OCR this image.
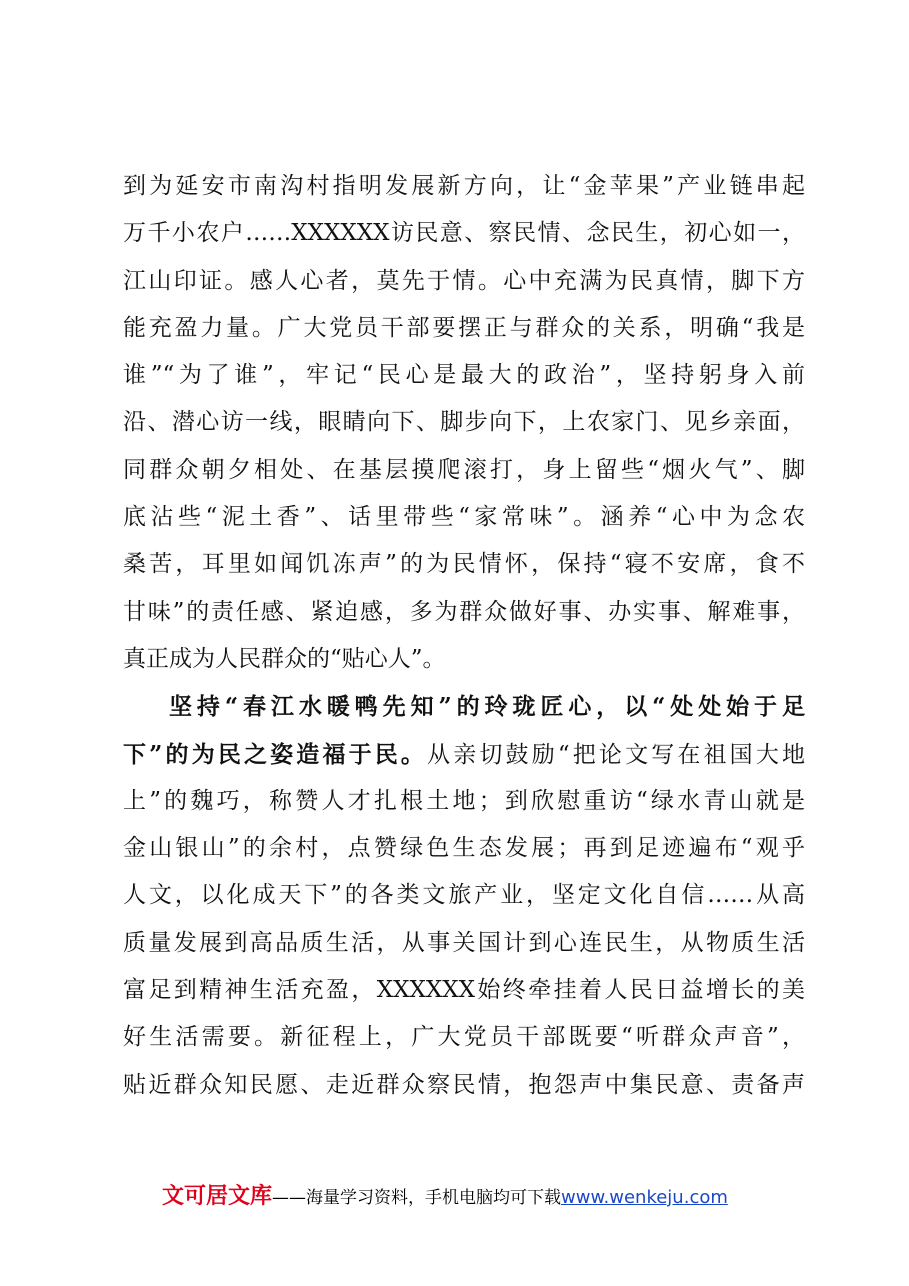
到为延安市南沟村指明发展新方向，让“金苹果”产业链串起
万千小农户……XXXXXX访民意、察民情、念民生，初心如一，
江山印证。感人心者，莫先于情。心中充满为民真情，脚下方
能充盈力量。广大党员干部要摆正与群众的关系，明确“我是
谁”“为了谁”，牢记“民心是最大的政治”，坚持躬身入前
沿、潜心访一线，眼睛向下、脚步向下，上农家门、见乡亲面，
同群众朝夕相处、在基层摸爬滚打，身上留些“烟火气”、脚
底沾些“泥土香”、话里带些“家常味”。涵养“心中为念农
桑苦，耳里如闻饥冻声”的为民情怀，保持“寝不安席，食不
甘味”的责任感、紧迫感，多为群众做好事、办实事、解难事，
真正成为人民群众的“贴心人”。
坚持“春江水暖鸭先知”的玲珑匠心，以“处处始于足
下”的为民之姿造福于民。从亲切鼓励“把论文写在祖国大地
上”的魏巧，称赞人才扎根土地；到欣慰重访“绿水青山就是
金山银山”的余村，点赞绿色生态发展；再到足迹遍布“观乎
人文，以化成天下”的各类文旅产业，坚定文化自信……从高
质量发展到高品质生活，从事关国计到心连民生，从物质生活
富足到精神生活充盈，XXXXXX始终牵挂着人民日益增长的美
好生活需要。新征程上，广大党员干部既要“听群众声音”，
贴近群众知民愿、走近群众察民情，抱怨声中集民意、责备声
文可居文库——海量学习资料，手机电脑均可下载www.wenkeju.com
